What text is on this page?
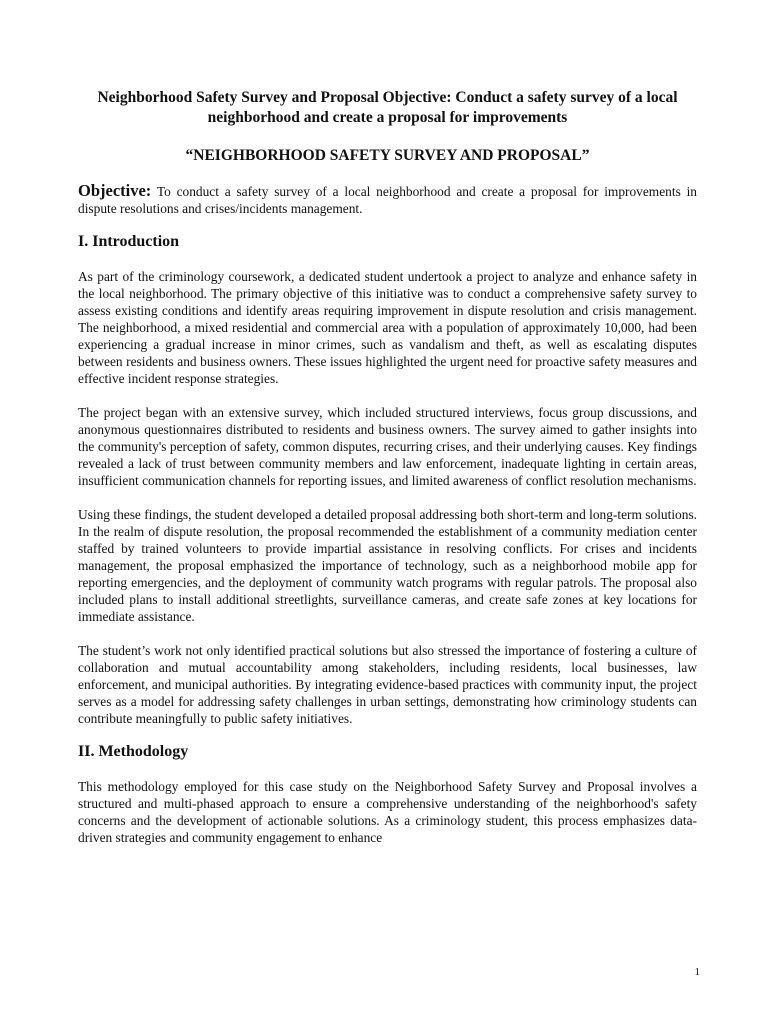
Neighborhood Safety Survey and Proposal Objective: Conduct a safety survey of a local neighborhood and create a proposal for improvements

“NEIGHBORHOOD SAFETY SURVEY AND PROPOSAL”

Objective: To conduct a safety survey of a local neighborhood and create a proposal for improvements in dispute resolutions and crises/incidents management.

I. Introduction

As part of the criminology coursework, a dedicated student undertook a project to analyze and enhance safety in the local neighborhood. The primary objective of this initiative was to conduct a comprehensive safety survey to assess existing conditions and identify areas requiring improvement in dispute resolution and crisis management. The neighborhood, a mixed residential and commercial area with a population of approximately 10,000, had been experiencing a gradual increase in minor crimes, such as vandalism and theft, as well as escalating disputes between residents and business owners. These issues highlighted the urgent need for proactive safety measures and effective incident response strategies.

The project began with an extensive survey, which included structured interviews, focus group discussions, and anonymous questionnaires distributed to residents and business owners. The survey aimed to gather insights into the community's perception of safety, common disputes, recurring crises, and their underlying causes. Key findings revealed a lack of trust between community members and law enforcement, inadequate lighting in certain areas, insufficient communication channels for reporting issues, and limited awareness of conflict resolution mechanisms.

Using these findings, the student developed a detailed proposal addressing both short-term and long-term solutions. In the realm of dispute resolution, the proposal recommended the establishment of a community mediation center staffed by trained volunteers to provide impartial assistance in resolving conflicts. For crises and incidents management, the proposal emphasized the importance of technology, such as a neighborhood mobile app for reporting emergencies, and the deployment of community watch programs with regular patrols. The proposal also included plans to install additional streetlights, surveillance cameras, and create safe zones at key locations for immediate assistance.

The student’s work not only identified practical solutions but also stressed the importance of fostering a culture of collaboration and mutual accountability among stakeholders, including residents, local businesses, law enforcement, and municipal authorities. By integrating evidence-based practices with community input, the project serves as a model for addressing safety challenges in urban settings, demonstrating how criminology students can contribute meaningfully to public safety initiatives.

II. Methodology

This methodology employed for this case study on the Neighborhood Safety Survey and Proposal involves a structured and multi-phased approach to ensure a comprehensive understanding of the neighborhood's safety concerns and the development of actionable solutions. As a criminology student, this process emphasizes data-driven strategies and community engagement to enhance

1
